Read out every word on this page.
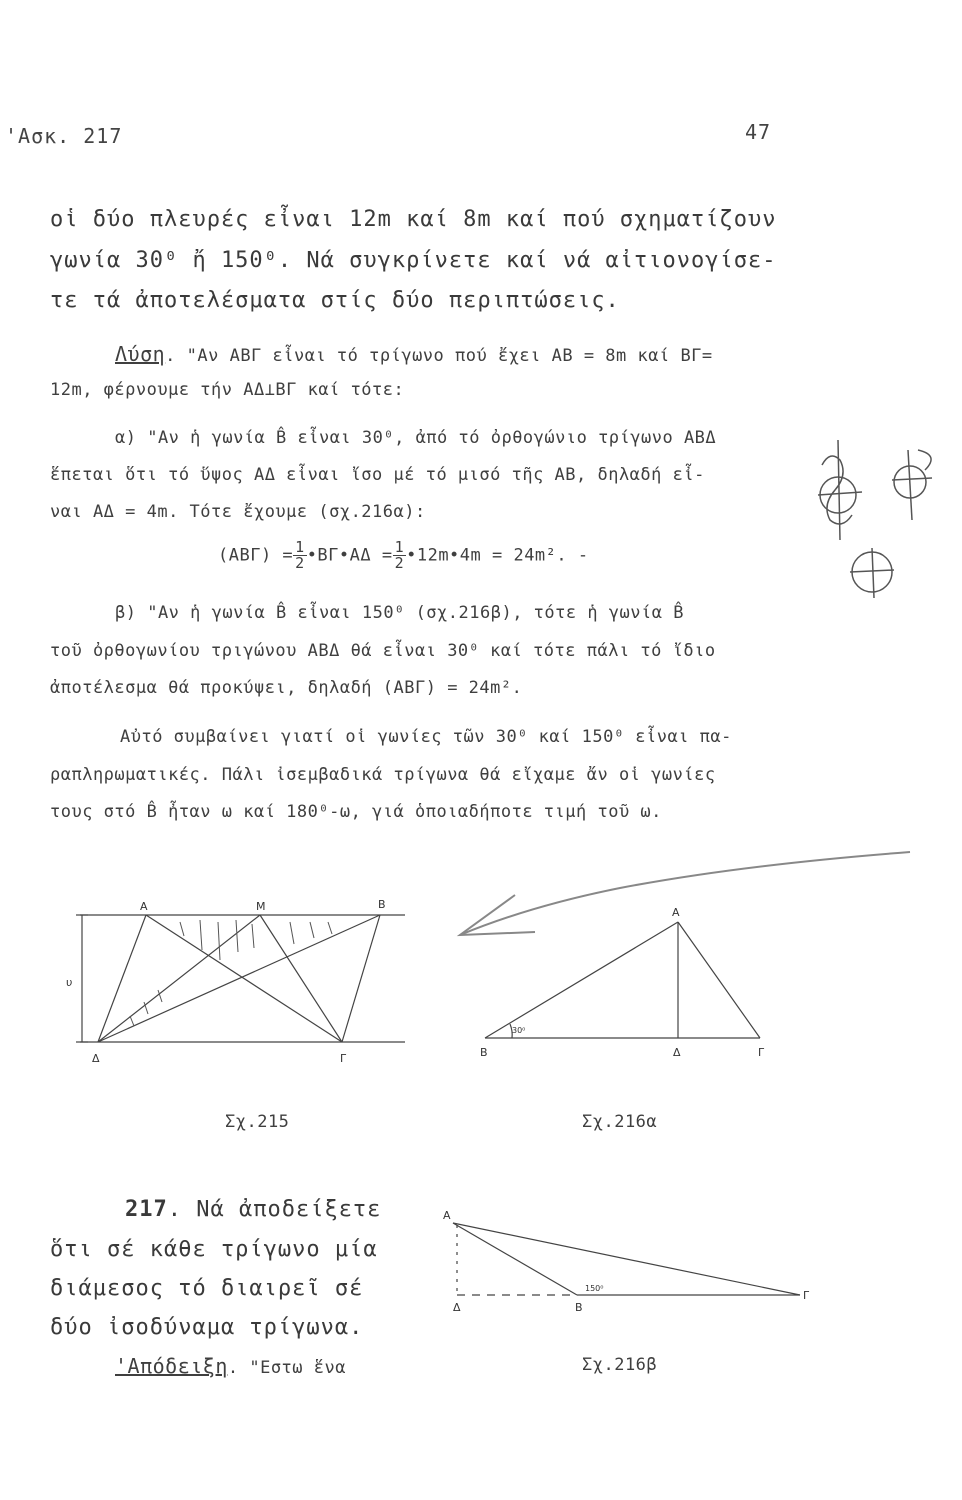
'Ασκ. 217	47
οἱ δύο πλευρές εἶναι 12m καί 8m καί πού σχηματίζουν
γωνία 30⁰ ἤ 150⁰. Νά συγκρίνετε καί νά αἰτιονογίσε-
τε τά ἀποτελέσματα στίς δύο περιπτώσεις.
Λύση. "Αν ΑΒΓ εἶναι τό τρίγωνο πού ἔχει ΑΒ = 8m καί ΒΓ=
12m, φέρνουμε τήν ΑΔ⊥ΒΓ καί τότε:
α) "Αν ἡ γωνία B̂ εἶναι 30⁰, ἀπό τό ὀρθογώνιο τρίγωνο ΑΒΔ
ἕπεται ὅτι τό ὕψος ΑΔ εἶναι ἴσο μέ τό μισό τῆς ΑΒ, δηλαδή εἶ-
ναι ΑΔ = 4m. Τότε ἔχουμε (σχ.216α):
$(AB\Gamma) = \frac{1}{2}$ •ΒΓ•ΑΔ = $\frac{1}{2}$ •12m•4m = 24m². -
β) "Αν ἡ γωνία B̂ εἶναι 150⁰ (σχ.216β), τότε ἡ γωνία B̂
τοῦ ὀρθογωνίου τριγώνου ΑΒΔ θά εἶναι 30⁰ καί τότε πάλι τό ἴδιο
ἀποτέλεσμα θά προκύψει, δηλαδή (ΑΒΓ) = 24m².
Αὐτό συμβαίνει γιατί οἱ γωνίες τῶν 30⁰ καί 150⁰ εἶναι πα-
ραπληρωματικές. Πάλι ἰσεμβαδικά τρίγωνα θά εἴχαμε ἄν οἱ γωνίες
τους στό B̂ ἦταν ω καί 180⁰-ω, γιά ὁποιαδήποτε τιμή τοῦ ω.
Α	Μ	Β
Δ	Γ
υ
Α
Β	Δ	Γ
30⁰
Σχ.215	Σχ.216α
217. Νά ἀποδείξετε
ὅτι σέ κάθε τρίγωνο μία
διάμεσος τό διαιρεῖ σέ
δύο ἰσοδύναμα τρίγωνα.
'Απόδειξη. "Εστω ἕνα
Α
Β
Δ
Γ
150⁰
Σχ.216β
